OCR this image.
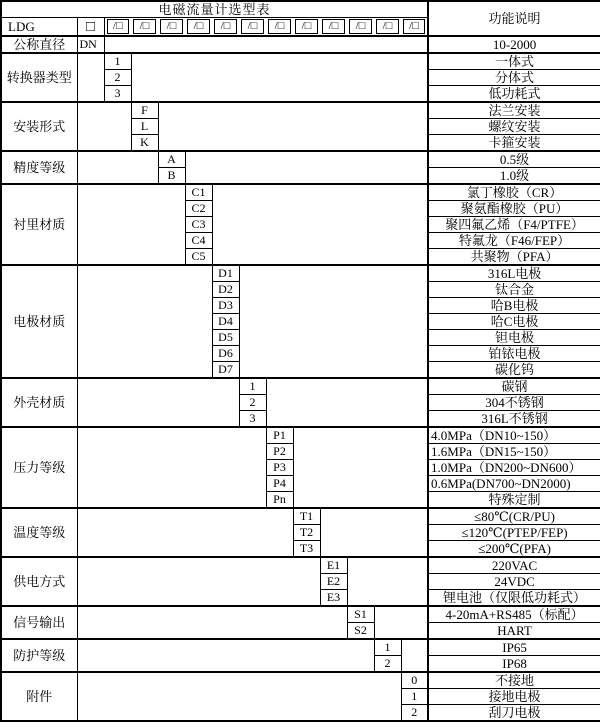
电磁流量计选型表														功能说明
LDG	□	/□	/□	/□	/□	/□	/□	/□	/□	/□	/□	/□	/□	

公称直径	DN													10-2000
转换器类型		1												一体式
		2												分体式
		3												低功耗式
安装形式			F											法兰安装
			L											螺纹安装
			K											卡箍安装
精度等级				A										0.5级
				B										1.0级
衬里材质					C1									氯丁橡胶（CR）
					C2									聚氨酯橡胶（PU）
					C3									聚四氟乙烯（F4/PTFE）
					C4									特氟龙（F46/FEP）
					C5									共聚物（PFA）
电极材质						D1								316L电极
						D2								钛合金
						D3								哈B电极
						D4								哈C电极
						D5								钽电极
						D6								铂铱电极
						D7								碳化钨
外壳材质							1							碳钢
							2							304不锈钢
							3							316L不锈钢
压力等级								P1						4.0MPa（DN10~150）
								P2						1.6MPa（DN15~150）
								P3						1.0MPa（DN200~DN600）
								P4						0.6MPa(DN700~DN2000)
								Pn						特殊定制
温度等级									T1					≤80℃(CR/PU)
									T2					≤120℃(PTEP/FEP)
									T3					≤200℃(PFA)
供电方式										E1				220VAC
										E2				24VDC
										E3				锂电池（仅限低功耗式）
信号输出											S1			4-20mA+RS485（标配）
											S2			HART
防护等级												1		IP65
												2		IP68
附件													0	不接地
													1	接地电极
													2	刮刀电极
